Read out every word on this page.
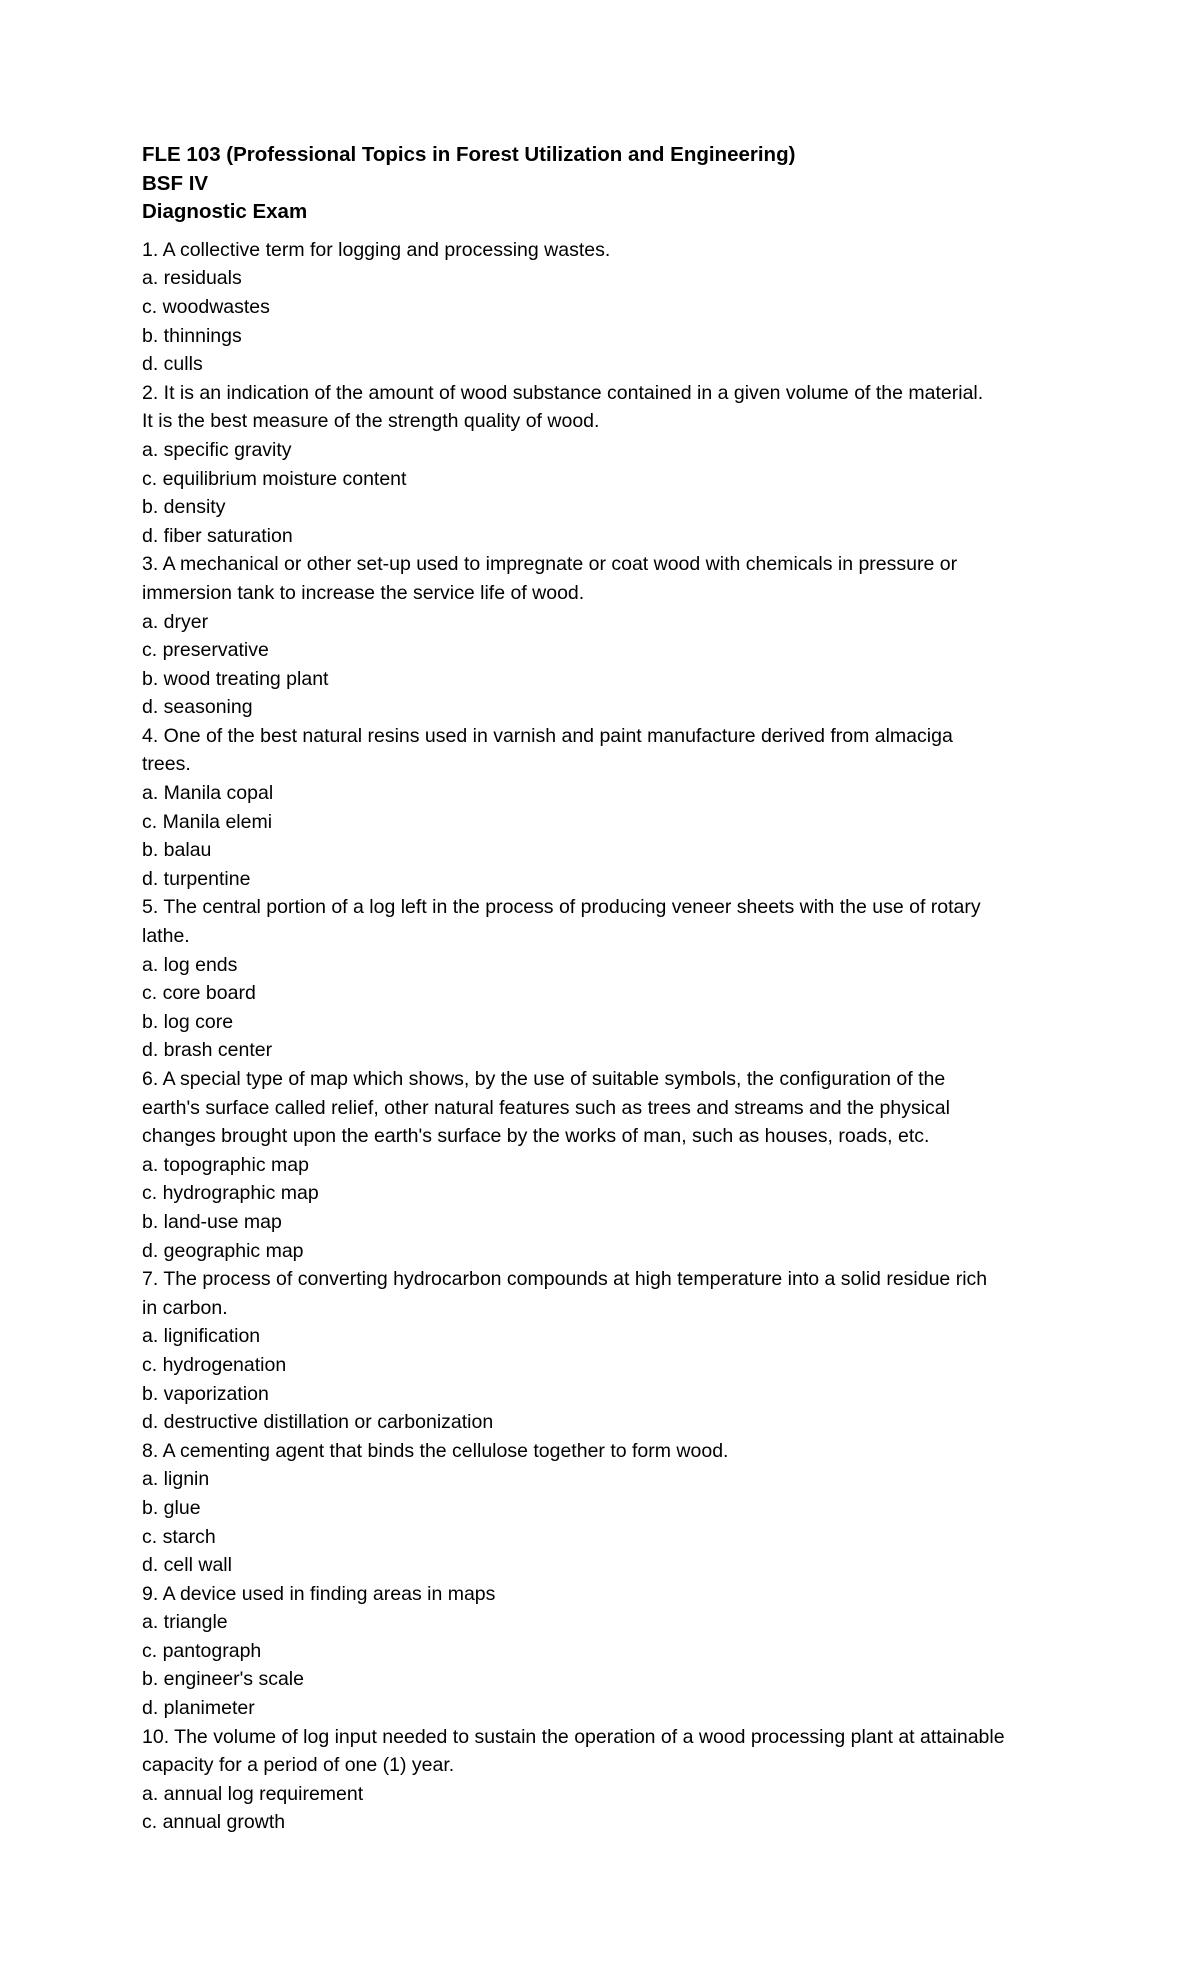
FLE 103 (Professional Topics in Forest Utilization and Engineering)
BSF IV
Diagnostic Exam
1. A collective term for logging and processing wastes.
a. residuals
c. woodwastes
b. thinnings
d. culls
2. It is an indication of the amount of wood substance contained in a given volume of the material.
It is the best measure of the strength quality of wood.
a. specific gravity
c. equilibrium moisture content
b. density
d. fiber saturation
3. A mechanical or other set-up used to impregnate or coat wood with chemicals in pressure or
immersion tank to increase the service life of wood.
a. dryer
c. preservative
b. wood treating plant
d. seasoning
4. One of the best natural resins used in varnish and paint manufacture derived from almaciga
trees.
a. Manila copal
c. Manila elemi
b. balau
d. turpentine
5. The central portion of a log left in the process of producing veneer sheets with the use of rotary
lathe.
a. log ends
c. core board
b. log core
d. brash center
6. A special type of map which shows, by the use of suitable symbols, the configuration of the
earth's surface called relief, other natural features such as trees and streams and the physical
changes brought upon the earth's surface by the works of man, such as houses, roads, etc.
a. topographic map
c. hydrographic map
b. land-use map
d. geographic map
7. The process of converting hydrocarbon compounds at high temperature into a solid residue rich
in carbon.
a. lignification
c. hydrogenation
b. vaporization
d. destructive distillation or carbonization
8. A cementing agent that binds the cellulose together to form wood.
a. lignin
b. glue
c. starch
d. cell wall
9. A device used in finding areas in maps
a. triangle
c. pantograph
b. engineer's scale
d. planimeter
10. The volume of log input needed to sustain the operation of a wood processing plant at attainable
capacity for a period of one (1) year.
a. annual log requirement
c. annual growth
